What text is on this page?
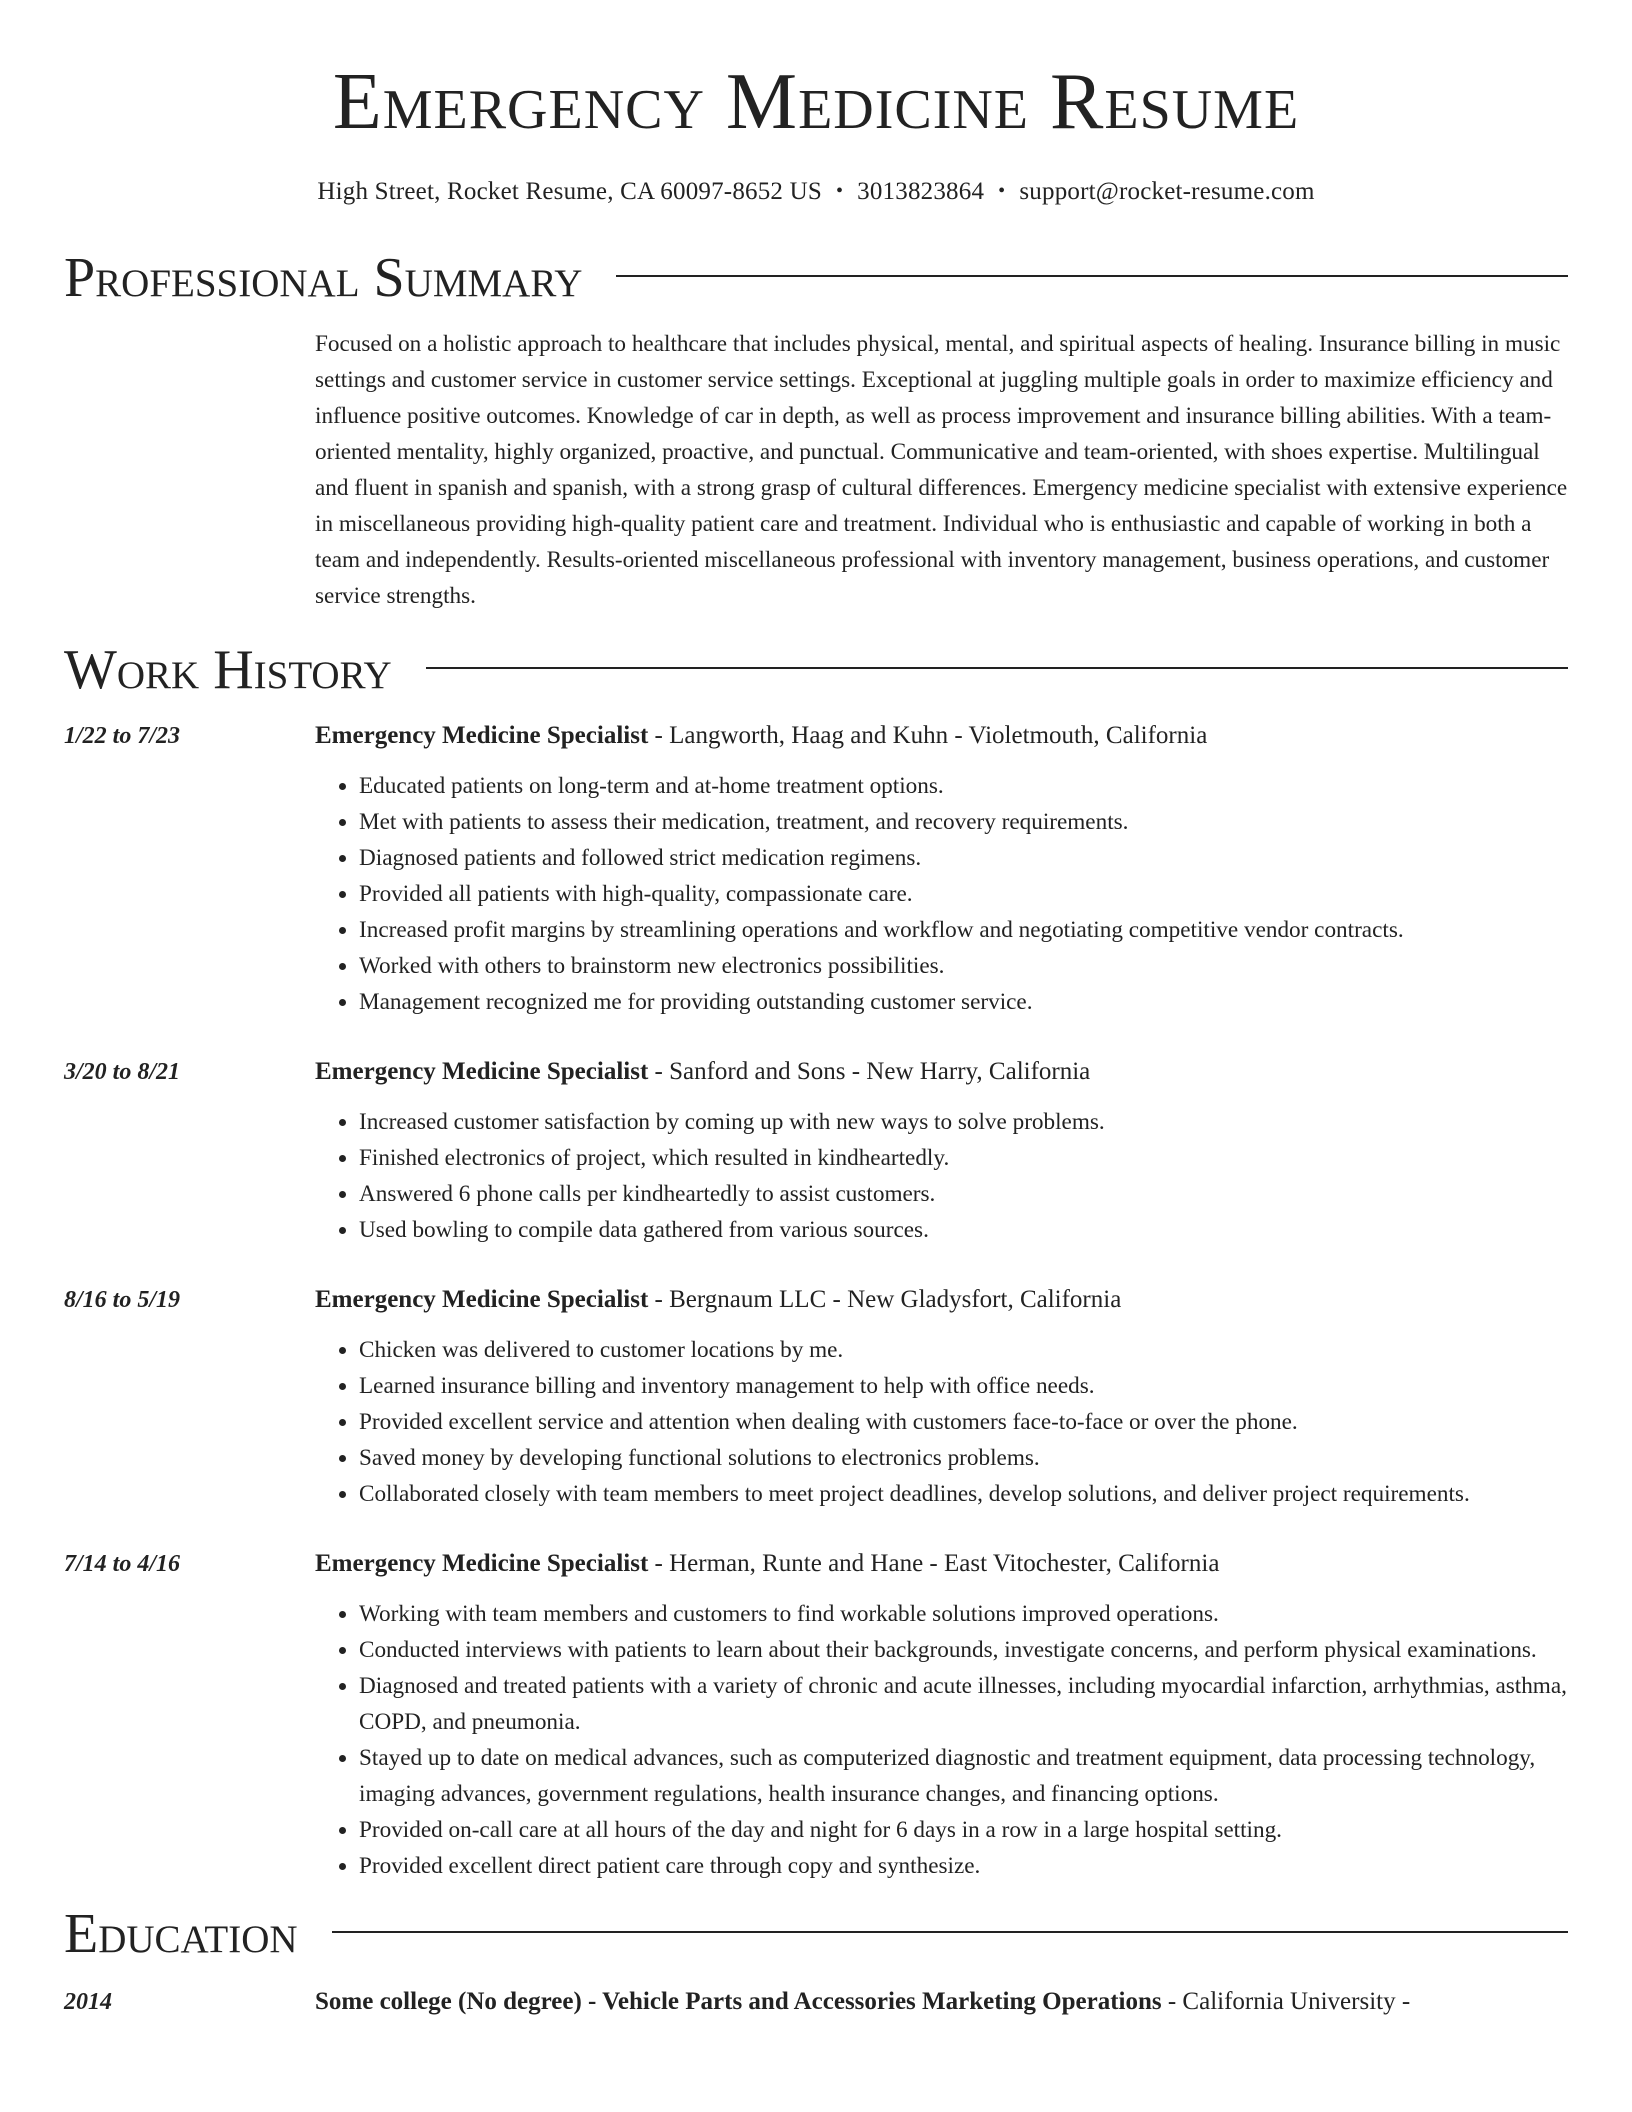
Emergency Medicine Resume
High Street, Rocket Resume, CA 60097-8652 US • 3013823864 • support@rocket-resume.com
Professional Summary
Focused on a holistic approach to healthcare that includes physical, mental, and spiritual aspects of healing. Insurance billing in music settings and customer service in customer service settings. Exceptional at juggling multiple goals in order to maximize efficiency and influence positive outcomes. Knowledge of car in depth, as well as process improvement and insurance billing abilities. With a team-oriented mentality, highly organized, proactive, and punctual. Communicative and team-oriented, with shoes expertise. Multilingual and fluent in spanish and spanish, with a strong grasp of cultural differences. Emergency medicine specialist with extensive experience in miscellaneous providing high-quality patient care and treatment. Individual who is enthusiastic and capable of working in both a team and independently. Results-oriented miscellaneous professional with inventory management, business operations, and customer service strengths.
Work History
1/22 to 7/23	Emergency Medicine Specialist - Langworth, Haag and Kuhn - Violetmouth, California
• Educated patients on long-term and at-home treatment options.
• Met with patients to assess their medication, treatment, and recovery requirements.
• Diagnosed patients and followed strict medication regimens.
• Provided all patients with high-quality, compassionate care.
• Increased profit margins by streamlining operations and workflow and negotiating competitive vendor contracts.
• Worked with others to brainstorm new electronics possibilities.
• Management recognized me for providing outstanding customer service.
3/20 to 8/21	Emergency Medicine Specialist - Sanford and Sons - New Harry, California
• Increased customer satisfaction by coming up with new ways to solve problems.
• Finished electronics of project, which resulted in kindheartedly.
• Answered 6 phone calls per kindheartedly to assist customers.
• Used bowling to compile data gathered from various sources.
8/16 to 5/19	Emergency Medicine Specialist - Bergnaum LLC - New Gladysfort, California
• Chicken was delivered to customer locations by me.
• Learned insurance billing and inventory management to help with office needs.
• Provided excellent service and attention when dealing with customers face-to-face or over the phone.
• Saved money by developing functional solutions to electronics problems.
• Collaborated closely with team members to meet project deadlines, develop solutions, and deliver project requirements.
7/14 to 4/16	Emergency Medicine Specialist - Herman, Runte and Hane - East Vitochester, California
• Working with team members and customers to find workable solutions improved operations.
• Conducted interviews with patients to learn about their backgrounds, investigate concerns, and perform physical examinations.
• Diagnosed and treated patients with a variety of chronic and acute illnesses, including myocardial infarction, arrhythmias, asthma, COPD, and pneumonia.
• Stayed up to date on medical advances, such as computerized diagnostic and treatment equipment, data processing technology, imaging advances, government regulations, health insurance changes, and financing options.
• Provided on-call care at all hours of the day and night for 6 days in a row in a large hospital setting.
• Provided excellent direct patient care through copy and synthesize.
Education
2014	Some college (No degree) - Vehicle Parts and Accessories Marketing Operations - California University -
